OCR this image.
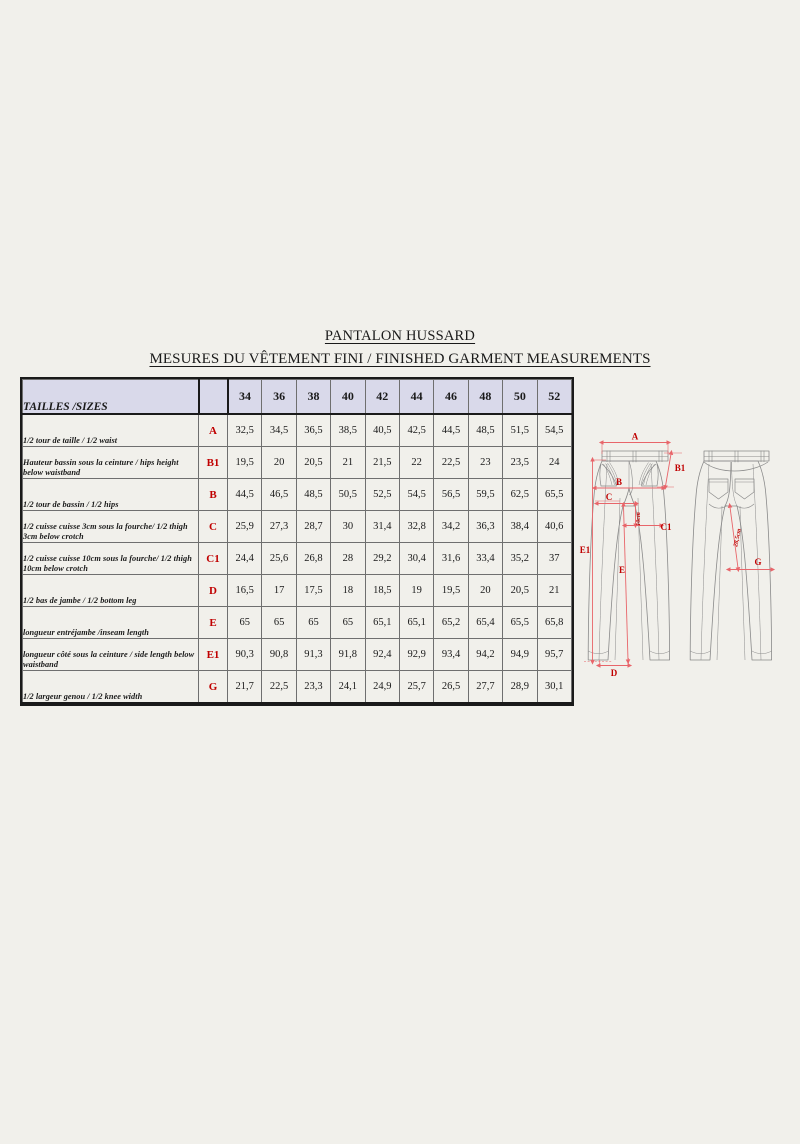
PANTALON HUSSARD
MESURES DU VÊTEMENT FINI / FINISHED GARMENT MEASUREMENTS
TAILLES /SIZES		34	36	38	40	42	44	46	48	50	52
1/2 tour de taille / 1/2 waist	A	32,5	34,5	36,5	38,5	40,5	42,5	44,5	48,5	51,5	54,5
Hauteur bassin sous la ceinture / hips height below waistband	B1	19,5	20	20,5	21	21,5	22	22,5	23	23,5	24
1/2 tour de bassin / 1/2 hips	B	44,5	46,5	48,5	50,5	52,5	54,5	56,5	59,5	62,5	65,5
1/2 cuisse cuisse 3cm sous la fourche/ 1/2 thigh 3cm below crotch	C	25,9	27,3	28,7	30	31,4	32,8	34,2	36,3	38,4	40,6
1/2 cuisse cuisse 10cm sous la fourche/ 1/2 thigh 10cm below crotch	C1	24,4	25,6	26,8	28	29,2	30,4	31,6	33,4	35,2	37
1/2 bas de jambe / 1/2 bottom leg	D	16,5	17	17,5	18	18,5	19	19,5	20	20,5	21
longueur entréjambe /inseam length	E	65	65	65	65	65,1	65,1	65,2	65,4	65,5	65,8
longueur côté sous la ceinture / side length below waistband	E1	90,3	90,8	91,3	91,8	92,4	92,9	93,4	94,2	94,9	95,7
1/2 largeur genou / 1/2 knee width	G	21,7	22,5	23,3	24,1	24,9	25,7	26,5	27,7	28,9	30,1
A
B1
B
C
10cm
C1
E1
E
D
28,5cm
G
